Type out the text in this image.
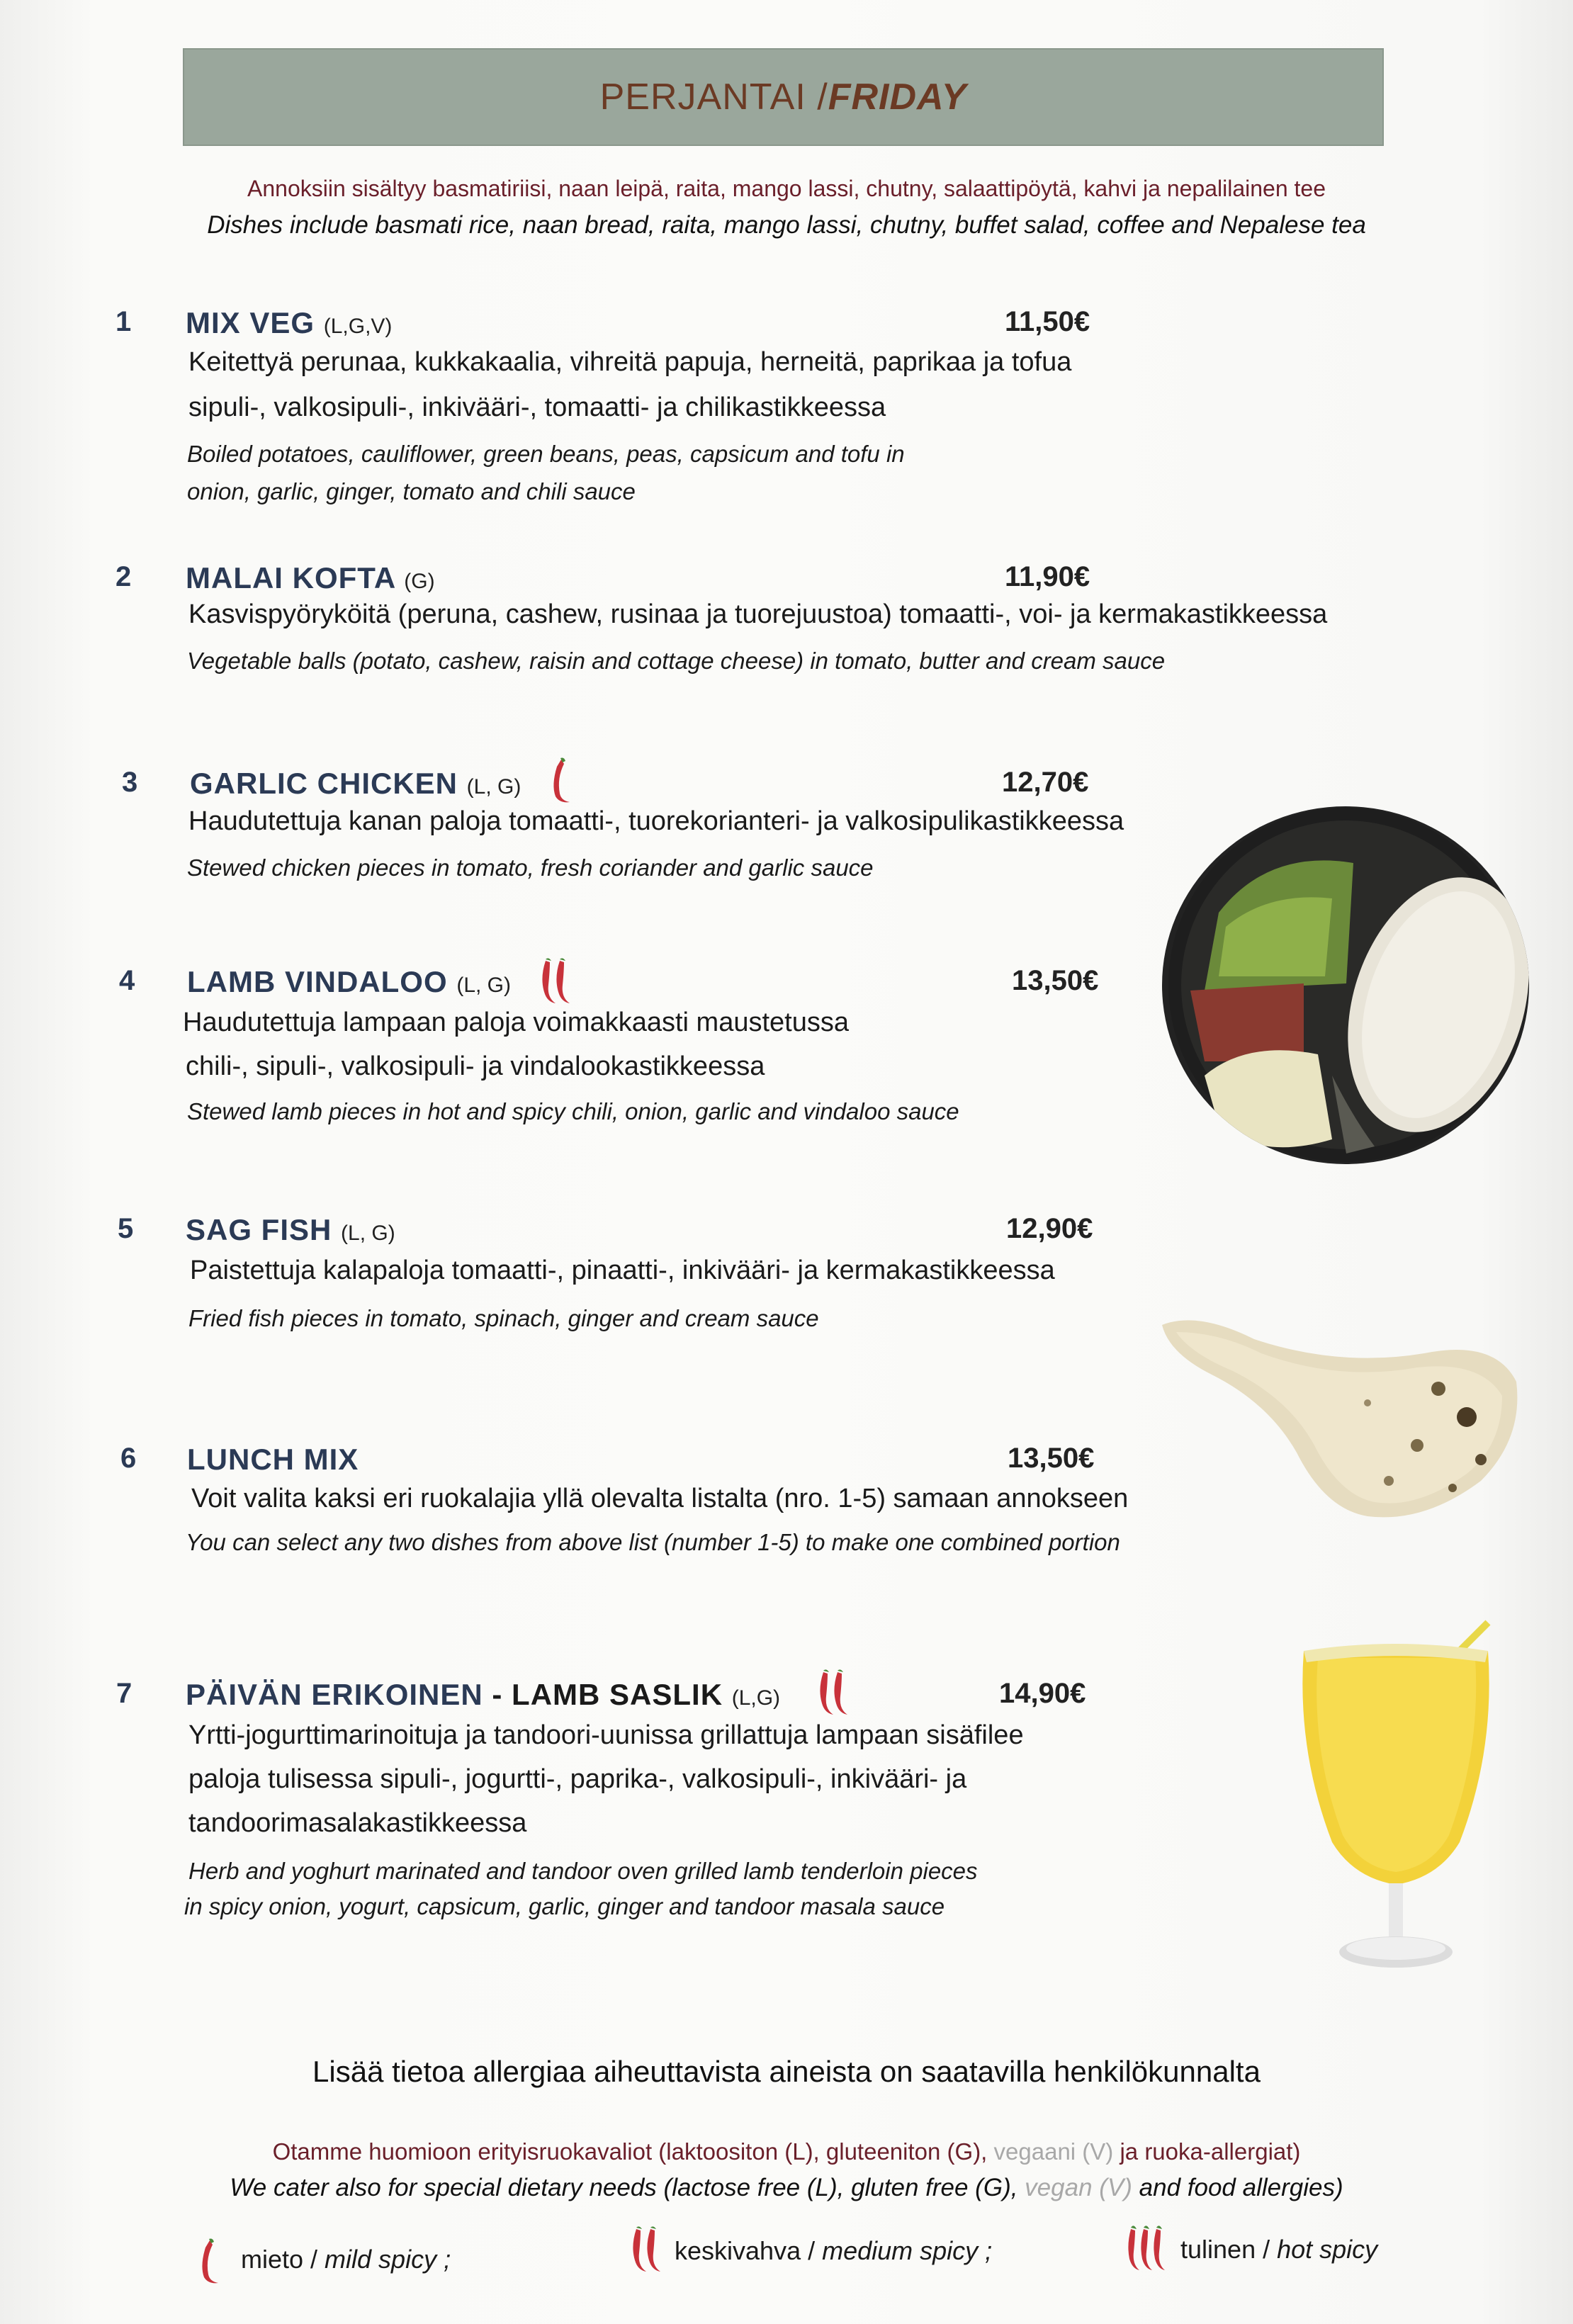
PERJANTAI / FRIDAY
Annoksiin sisältyy basmatiriisi, naan leipä, raita, mango lassi, chutny, salaattipöytä, kahvi ja nepalilainen tee
Dishes include basmati rice, naan bread, raita, mango lassi, chutny, buffet salad, coffee and Nepalese tea
1 MIX VEG (L,G,V)	11,50€
Keitettyä perunaa, kukkakaalia, vihreitä papuja, herneitä, paprikaa ja tofua
sipuli-, valkosipuli-, inkivääri-, tomaatti- ja chilikastikkeessa
Boiled potatoes, cauliflower, green beans, peas, capsicum and tofu in
onion, garlic, ginger, tomato and chili sauce
2 MALAI KOFTA (G)	11,90€
Kasvispyöryköitä (peruna, cashew, rusinaa ja tuorejuustoa) tomaatti-, voi- ja kermakastikkeessa
Vegetable balls (potato, cashew, raisin and cottage cheese) in tomato, butter and cream sauce
3 GARLIC CHICKEN (L, G)	12,70€
Haudutettuja kanan paloja tomaatti-, tuorekorianteri- ja valkosipulikastikkeessa
Stewed chicken pieces in tomato, fresh coriander and garlic sauce
4 LAMB VINDALOO (L, G)	13,50€
Haudutettuja lampaan paloja voimakkaasti maustetussa
chili-, sipuli-, valkosipuli- ja vindalookastikkeessa
Stewed lamb pieces in hot and spicy chili, onion, garlic and vindaloo sauce
5 SAG FISH (L, G)	12,90€
Paistettuja kalapaloja tomaatti-, pinaatti-, inkivääri- ja kermakastikkeessa
Fried fish pieces in tomato, spinach, ginger and cream sauce
6 LUNCH MIX	13,50€
Voit valita kaksi eri ruokalajia yllä olevalta listalta (nro. 1-5) samaan annokseen
You can select any two dishes from above list (number 1-5) to make one combined portion
7 PÄIVÄN ERIKOINEN - LAMB SASLIK (L,G)	14,90€
Yrtti-jogurttimarinoituja ja tandoori-uunissa grillattuja lampaan sisäfilee
paloja tulisessa sipuli-, jogurtti-, paprika-, valkosipuli-, inkivääri- ja
tandoorimasalakastikkeessa
Herb and yoghurt marinated and tandoor oven grilled lamb tenderloin pieces
in spicy onion, yogurt, capsicum, garlic, ginger and tandoor masala sauce
Lisää tietoa allergiaa aiheuttavista aineista on saatavilla henkilökunnalta
Otamme huomioon erityisruokavaliot (laktoositon (L), gluteeniton (G), vegaani (V) ja ruoka-allergiat)
We cater also for special dietary needs (lactose free (L), gluten free (G), vegan (V) and food allergies)
mieto / mild spicy ;	keskivahva / medium spicy ;	tulinen / hot spicy
